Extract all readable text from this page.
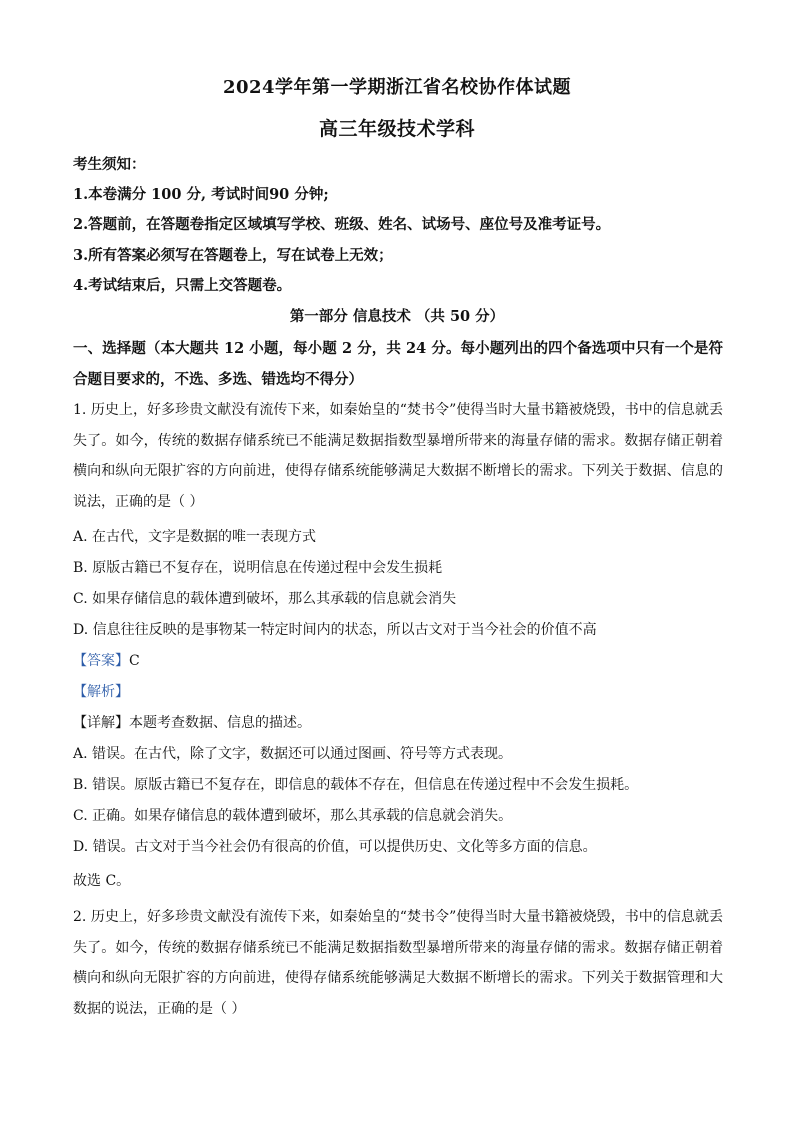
2024学年第一学期浙江省名校协作体试题
高三年级技术学科
考生须知：
1.本卷满分 100 分, 考试时间90 分钟;
2.答题前，在答题卷指定区域填写学校、班级、姓名、试场号、座位号及准考证号。
3.所有答案必须写在答题卷上，写在试卷上无效；
4.考试结束后，只需上交答题卷。
第一部分 信息技术 （共 50 分）
一、选择题（本大题共 12 小题，每小题 2 分，共 24 分。每小题列出的四个备选项中只有一个是符合题目要求的，不选、多选、错选均不得分）
1. 历史上，好多珍贵文献没有流传下来，如秦始皇的“焚书令”使得当时大量书籍被烧毁，书中的信息就丢失了。如今，传统的数据存储系统已不能满足数据指数型暴增所带来的海量存储的需求。数据存储正朝着横向和纵向无限扩容的方向前进，使得存储系统能够满足大数据不断增长的需求。下列关于数据、信息的说法，正确的是（ ）
A. 在古代，文字是数据的唯一表现方式
B. 原版古籍已不复存在，说明信息在传递过程中会发生损耗
C. 如果存储信息的载体遭到破坏，那么其承载的信息就会消失
D. 信息往往反映的是事物某一特定时间内的状态，所以古文对于当今社会的价值不高
【答案】C
【解析】
【详解】本题考查数据、信息的描述。
A. 错误。在古代，除了文字，数据还可以通过图画、符号等方式表现。
B. 错误。原版古籍已不复存在，即信息的载体不存在，但信息在传递过程中不会发生损耗。
C. 正确。如果存储信息的载体遭到破坏，那么其承载的信息就会消失。
D. 错误。古文对于当今社会仍有很高的价值，可以提供历史、文化等多方面的信息。
故选 C。
2. 历史上，好多珍贵文献没有流传下来，如秦始皇的“焚书令”使得当时大量书籍被烧毁，书中的信息就丢失了。如今，传统的数据存储系统已不能满足数据指数型暴增所带来的海量存储的需求。数据存储正朝着横向和纵向无限扩容的方向前进，使得存储系统能够满足大数据不断增长的需求。下列关于数据管理和大数据的说法，正确的是（ ）
